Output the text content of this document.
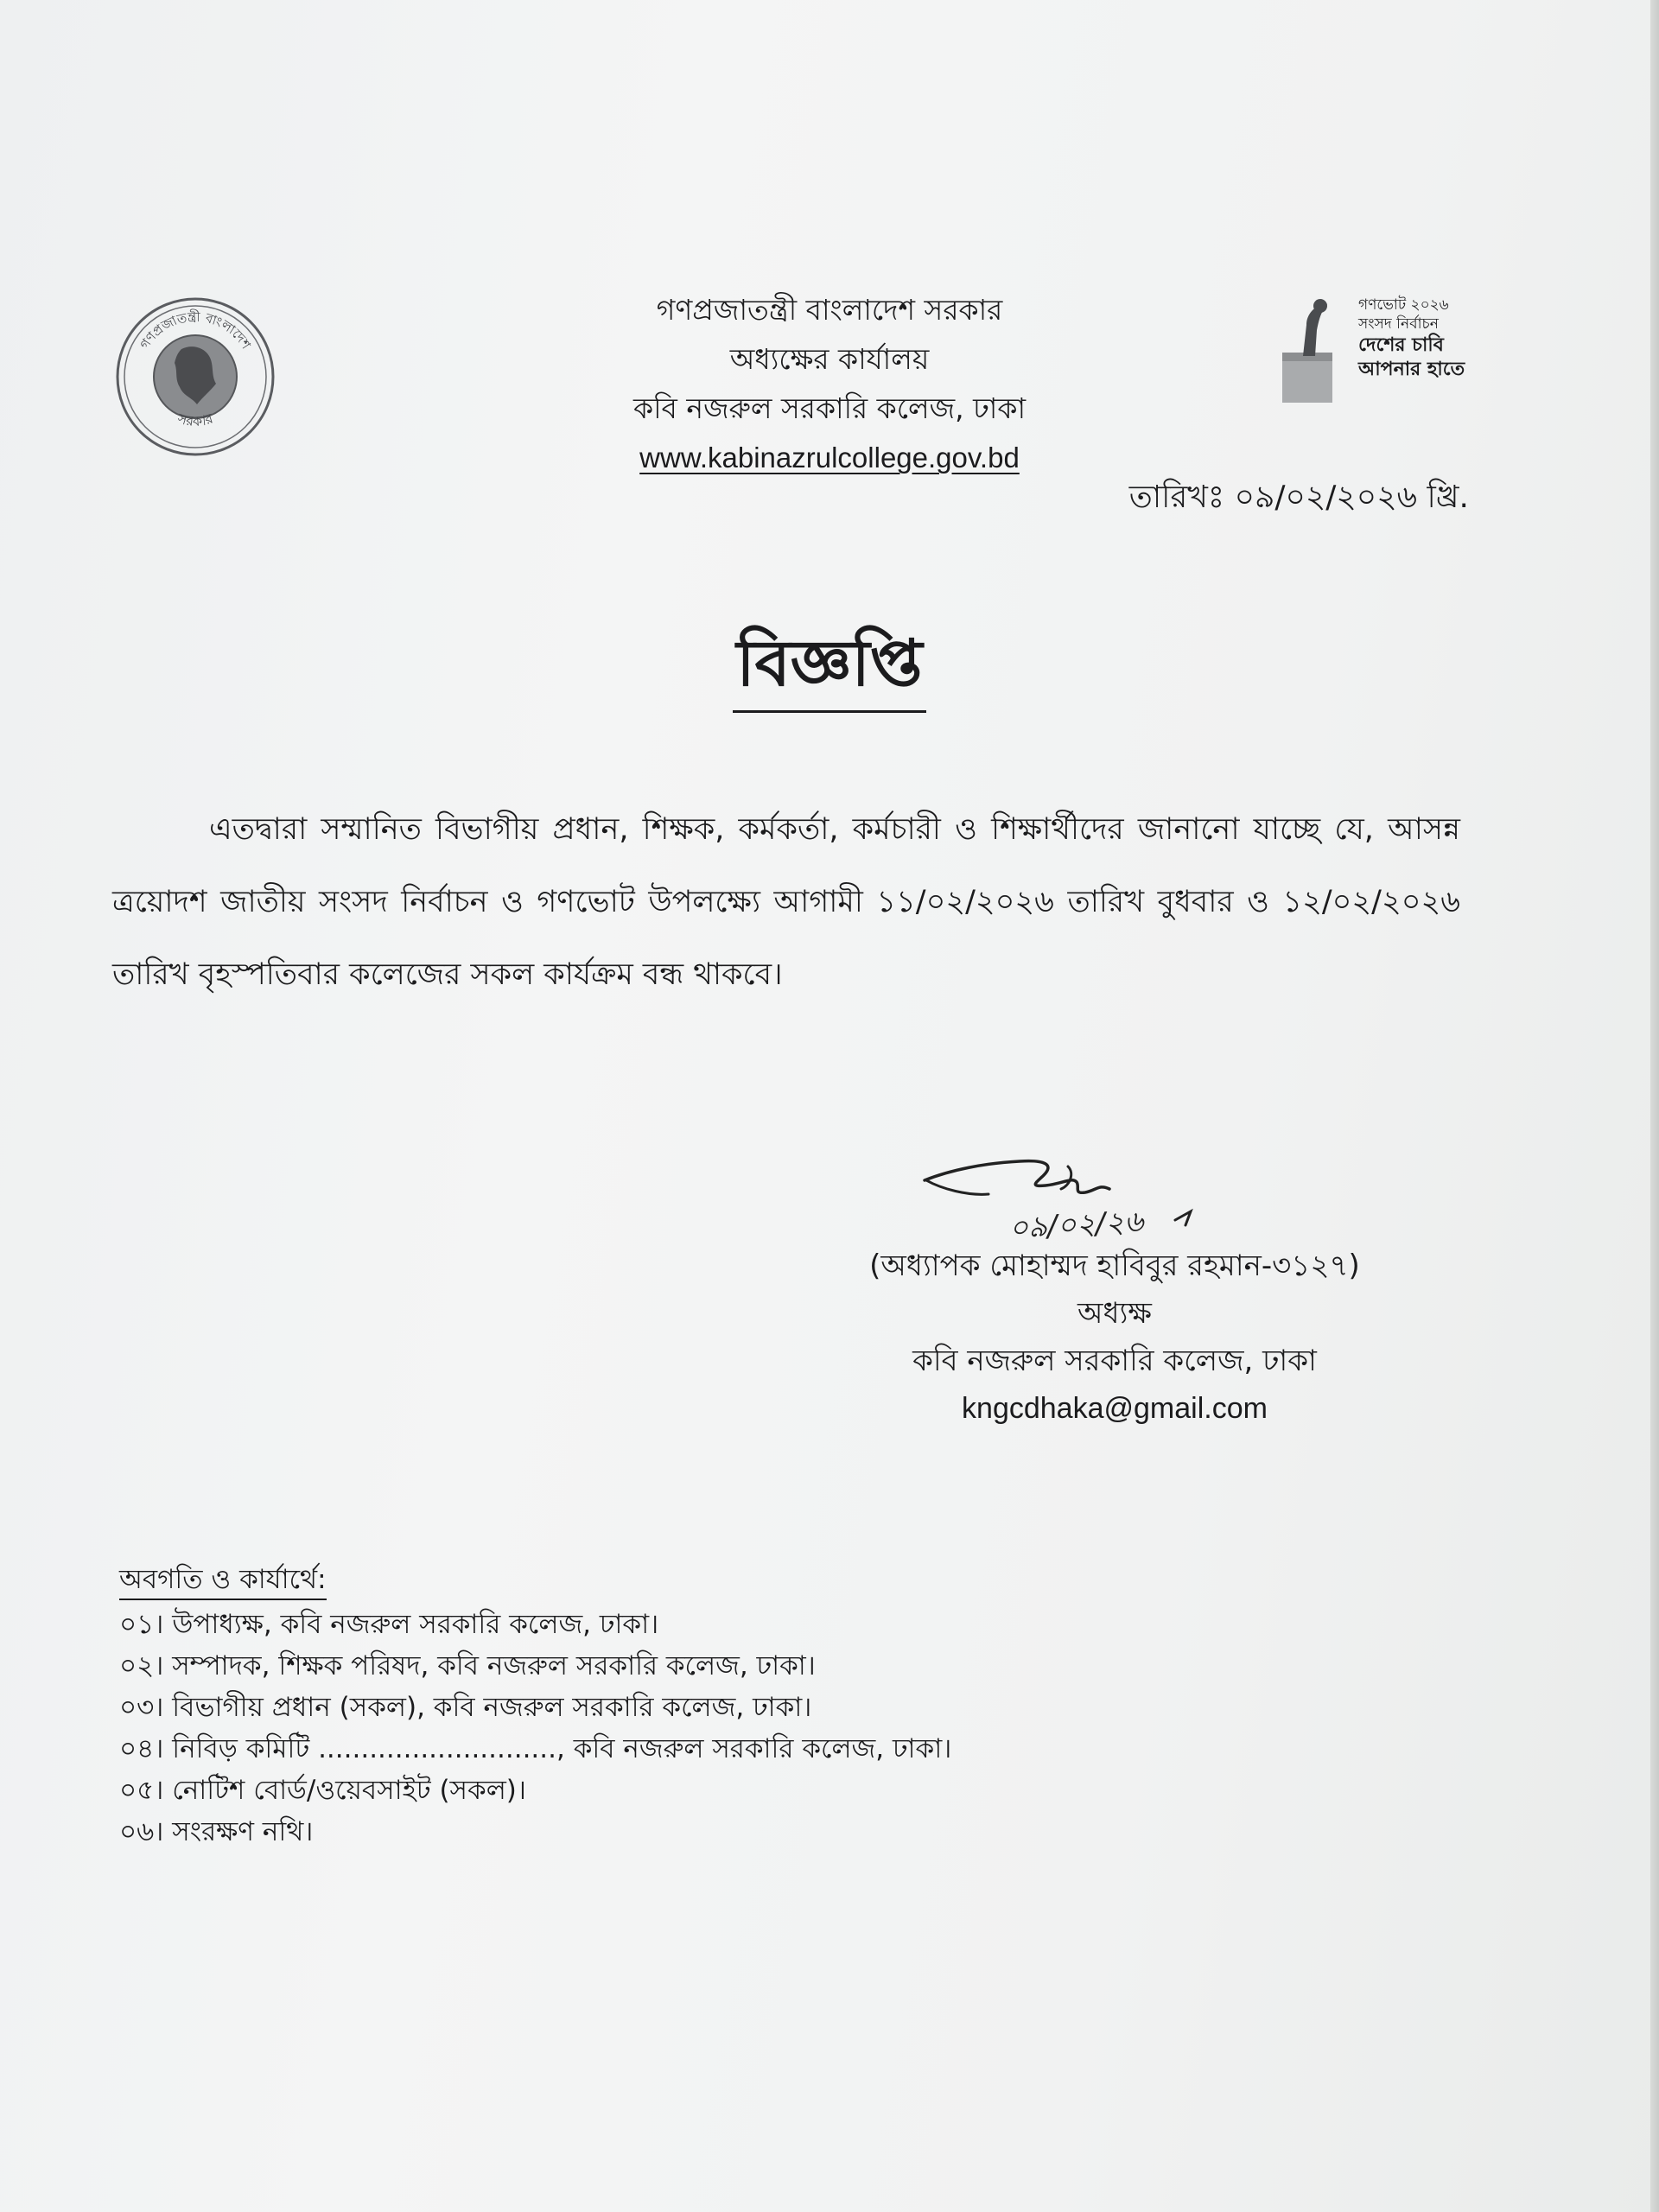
গণপ্রজাতন্ত্রী বাংলাদেশ
সরকার
গণপ্রজাতন্ত্রী বাংলাদেশ সরকার
অধ্যক্ষের কার্যালয়
কবি নজরুল সরকারি কলেজ, ঢাকা
www.kabinazrulcollege.gov.bd
গণভোট ২০২৬
সংসদ নির্বাচন
দেশের চাবি
আপনার হাতে
তারিখঃ ০৯/০২/২০২৬ খ্রি.
বিজ্ঞপ্তি

এতদ্বারা সম্মানিত বিভাগীয় প্রধান, শিক্ষক, কর্মকর্তা, কর্মচারী ও শিক্ষার্থীদের জানানো যাচ্ছে যে, আসন্ন ত্রয়োদশ জাতীয় সংসদ নির্বাচন ও গণভোট উপলক্ষ্যে আগামী ১১/০২/২০২৬ তারিখ বুধবার ও ১২/০২/২০২৬ তারিখ বৃহস্পতিবার কলেজের সকল কার্যক্রম বন্ধ থাকবে।

০৯/০২/২৬
(অধ্যাপক মোহাম্মদ হাবিবুর রহমান-৩১২৭)
অধ্যক্ষ
কবি নজরুল সরকারি কলেজ, ঢাকা
kngcdhaka@gmail.com
অবগতি ও কার্যার্থে:
০১। উপাধ্যক্ষ, কবি নজরুল সরকারি কলেজ, ঢাকা।
০২। সম্পাদক, শিক্ষক পরিষদ, কবি নজরুল সরকারি কলেজ, ঢাকা।
০৩। বিভাগীয় প্রধান (সকল), কবি নজরুল সরকারি কলেজ, ঢাকা।
০৪। নিবিড় কমিটি ............................, কবি নজরুল সরকারি কলেজ, ঢাকা।
০৫। নোটিশ বোর্ড/ওয়েবসাইট (সকল)।
০৬। সংরক্ষণ নথি।
